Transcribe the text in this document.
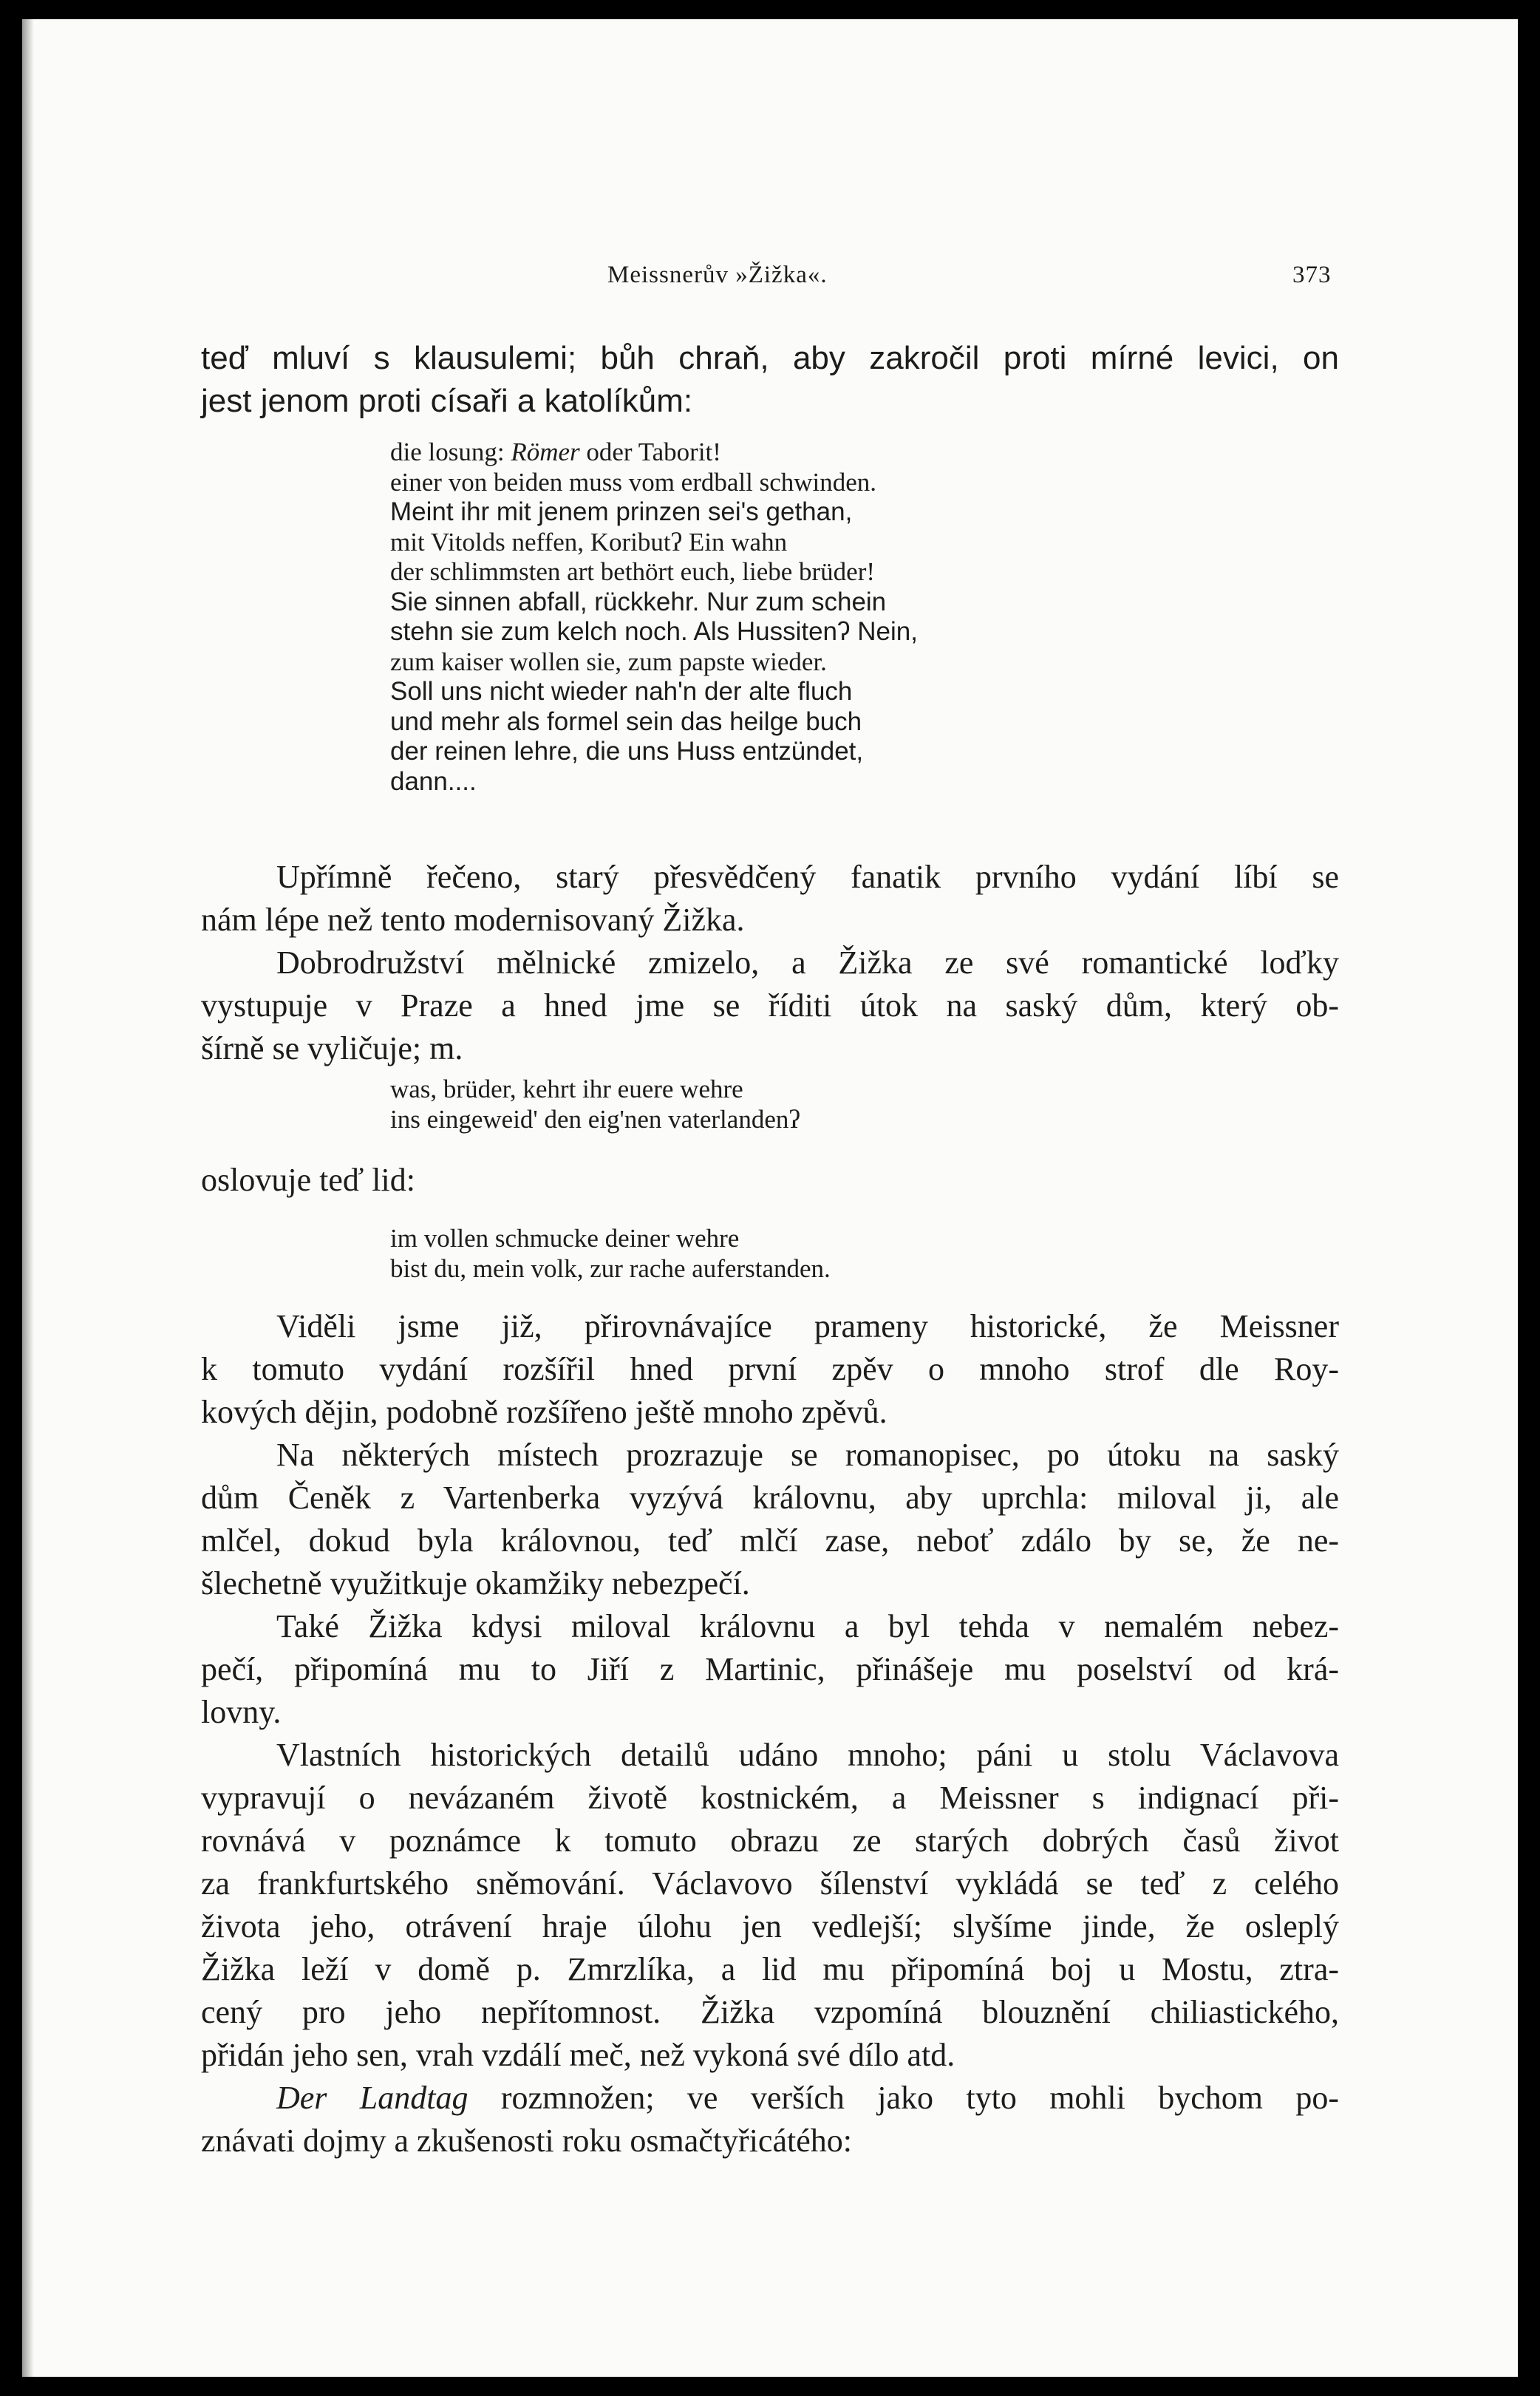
Meissnerův »Žižka«.	373
teď mluví s klausulemi; bůh chraň, aby zakročil proti mírné levici, on
jest jenom proti císaři a katolíkům:
die losung: Römer oder Taborit!
einer von beiden muss vom erdball schwinden.
Meint ihr mit jenem prinzen sei's gethan,
mit Vitolds neffen, Koributʔ Ein wahn
der schlimmsten art bethört euch, liebe brüder!
Sie sinnen abfall, rückkehr. Nur zum schein
stehn sie zum kelch noch. Als Hussitenʔ Nein,
zum kaiser wollen sie, zum papste wieder.
Soll uns nicht wieder nah'n der alte fluch
und mehr als formel sein das heilge buch
der reinen lehre, die uns Huss entzündet,
dann....
Upřímně řečeno, starý přesvědčený fanatik prvního vydání líbí se
nám lépe než tento modernisovaný Žižka.
Dobrodružství mělnické zmizelo, a Žižka ze své romantické loďky
vystupuje v Praze a hned jme se říditi útok na saský dům, který ob-
šírně se vyličuje; m.
was, brüder, kehrt ihr euere wehre
ins eingeweid' den eig'nen vaterlandenʔ
oslovuje teď lid:
im vollen schmucke deiner wehre
bist du, mein volk, zur rache auferstanden.
Viděli jsme již, přirovnávajíce prameny historické, že Meissner
k tomuto vydání rozšířil hned první zpěv o mnoho strof dle Roy-
kových dějin, podobně rozšířeno ještě mnoho zpěvů.
Na některých místech prozrazuje se romanopisec, po útoku na saský
dům Čeněk z Vartenberka vyzývá královnu, aby uprchla: miloval ji, ale
mlčel, dokud byla královnou, teď mlčí zase, neboť zdálo by se, že ne-
šlechetně využitkuje okamžiky nebezpečí.
Také Žižka kdysi miloval královnu a byl tehda v nemalém nebez-
pečí, připomíná mu to Jiří z Martinic, přinášeje mu poselství od krá-
lovny.
Vlastních historických detailů udáno mnoho; páni u stolu Václavova
vypravují o nevázaném životě kostnickém, a Meissner s indignací při-
rovnává v poznámce k tomuto obrazu ze starých dobrých časů život
za frankfurtského sněmování. Václavovo šílenství vykládá se teď z celého
života jeho, otrávení hraje úlohu jen vedlejší; slyšíme jinde, že osleplý
Žižka leží v domě p. Zmrzlíka, a lid mu připomíná boj u Mostu, ztra-
cený pro jeho nepřítomnost. Žižka vzpomíná blouznění chiliastického,
přidán jeho sen, vrah vzdálí meč, než vykoná své dílo atd.
Der Landtag rozmnožen; ve verších jako tyto mohli bychom po-
znávati dojmy a zkušenosti roku osmačtyřicátého:
